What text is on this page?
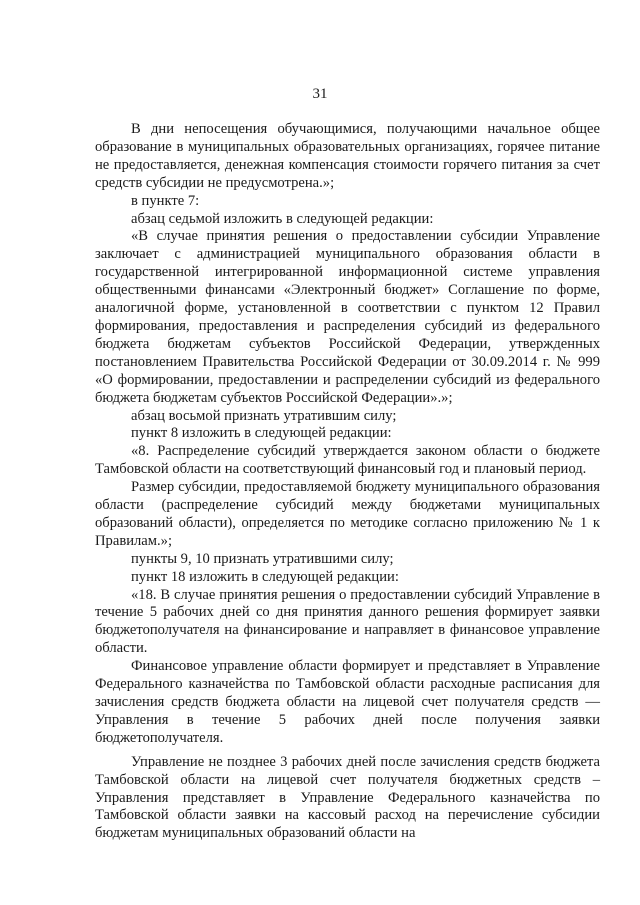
31

В дни непосещения обучающимися, получающими начальное общее образование в муниципальных образовательных организациях, горячее питание не предоставляется, денежная компенсация стоимости горячего питания за счет средств субсидии не предусмотрена.»;

в пункте 7:

абзац седьмой изложить в следующей редакции:

«В случае принятия решения о предоставлении субсидии Управление заключает с администрацией муниципального образования области в государственной интегрированной информационной системе управления общественными финансами «Электронный бюджет» Соглашение по форме, аналогичной форме, установленной в соответствии с пунктом 12 Правил формирования, предоставления и распределения субсидий из федерального бюджета бюджетам субъектов Российской Федерации, утвержденных постановлением Правительства Российской Федерации от 30.09.2014 г. № 999 «О формировании, предоставлении и распределении субсидий из федерального бюджета бюджетам субъектов Российской Федерации».»;

абзац восьмой признать утратившим силу;

пункт 8 изложить в следующей редакции:

«8. Распределение субсидий утверждается законом области о бюджете Тамбовской области на соответствующий финансовый год и плановый период.

Размер субсидии, предоставляемой бюджету муниципального образования области (распределение субсидий между бюджетами муниципальных образований области), определяется по методике согласно приложению № 1 к Правилам.»;

пункты 9, 10 признать утратившими силу;

пункт 18 изложить в следующей редакции:

«18. В случае принятия решения о предоставлении субсидий Управление в течение 5 рабочих дней со дня принятия данного решения формирует заявки бюджетополучателя на финансирование и направляет в финансовое управление области.

Финансовое управление области формирует и представляет в Управление Федерального казначейства по Тамбовской области расходные расписания для зачисления средств бюджета области на лицевой счет получателя средств — Управления в течение 5 рабочих дней после получения заявки бюджетополучателя.

Управление не позднее 3 рабочих дней после зачисления средств бюджета Тамбовской области на лицевой счет получателя бюджетных средств – Управления представляет в Управление Федерального казначейства по Тамбовской области заявки на кассовый расход на перечисление субсидии бюджетам муниципальных образований области на
